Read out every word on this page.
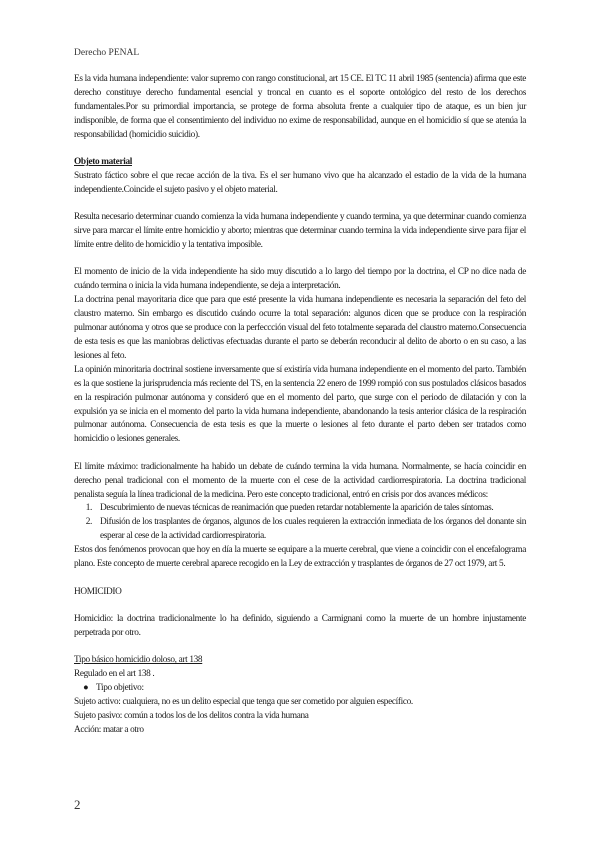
Derecho PENAL

Es la vida humana independiente: valor supremo con rango constitucional, art 15 CE. El TC 11 abril 1985 (sentencia) afirma que este derecho constituye derecho fundamental esencial y troncal en cuanto es el soporte ontológico del resto de los derechos fundamentales.Por su primordial importancia, se protege de forma absoluta frente a cualquier tipo de ataque, es un bien jur indisponible, de forma que el consentimiento del individuo no exime de responsabilidad, aunque en el homicidio sí que se atenúa la responsabilidad (homicidio suicidio).

Objeto material

Sustrato fáctico sobre el que recae acción de la tiva. Es el ser humano vivo que ha alcanzado el estadio de la vida de la humana independiente.Coincide el sujeto pasivo y el objeto material.

Resulta necesario determinar cuando comienza la vida humana independiente y cuando termina, ya que determinar cuando comienza sirve para marcar el límite entre homicidio y aborto; mientras que determinar cuando termina la vida independiente sirve para fijar el límite entre delito de homicidio y la tentativa imposible.

El momento de inicio de la vida independiente ha sido muy discutido a lo largo del tiempo por la doctrina, el CP no dice nada de cuándo termina o inicia la vida humana independiente, se deja a interpretación.

La doctrina penal mayoritaria dice que para que esté presente la vida humana independiente es necesaria la separación del feto del claustro materno. Sin embargo es discutido cuándo ocurre la total separación: algunos dicen que se produce con la respiración pulmonar autónoma y otros que se produce con la perfeccción visual del feto totalmente separada del claustro materno.Consecuencia de esta tesis es que las maniobras delictivas efectuadas durante el parto se deberán reconducir al delito de aborto o en su caso, a las lesiones al feto.

La opinión minoritaria doctrinal sostiene inversamente que sí existiría vida humana independiente en el momento del parto. También es la que sostiene la jurisprudencia más reciente del TS, en la sentencia 22 enero de 1999 rompió con sus postulados clásicos basados en la respiración pulmonar autónoma y consideró que en el momento del parto, que surge con el periodo de dilatación y con la expulsión ya se inicia en el momento del parto la vida humana independiente, abandonando la tesis anterior clásica de la respiración pulmonar autónoma. Consecuencia de esta tesis es que la muerte o lesiones al feto durante el parto deben ser tratados como homicidio o lesiones generales.

El límite máximo: tradicionalmente ha habido un debate de cuándo termina la vida humana. Normalmente, se hacía coincidir en derecho penal tradicional con el momento de la muerte con el cese de la actividad cardiorrespiratoria. La doctrina tradicional penalista seguía la línea tradicional de la medicina. Pero este concepto tradicional, entró en crisis por dos avances médicos:

1. Descubrimiento de nuevas técnicas de reanimación que pueden retardar notablemente la aparición de tales síntomas.
2. Difusión de los trasplantes de órganos, algunos de los cuales requieren la extracción inmediata de los órganos del donante sin esperar al cese de la actividad cardiorrespiratoria.

Estos dos fenómenos provocan que hoy en día la muerte se equipare a la muerte cerebral, que viene a coincidir con el encefalograma plano. Este concepto de muerte cerebral aparece recogido en la Ley de extracción y trasplantes de órganos de 27 oct 1979, art 5.

HOMICIDIO

Homicidio: la doctrina tradicionalmente lo ha definido, siguiendo a Carmignani como la muerte de un hombre injustamente perpetrada por otro.

Tipo básico homicidio doloso, art 138

Regulado en el art 138 .

● Tipo objetivo:

Sujeto activo: cualquiera, no es un delito especial que tenga que ser cometido por alguien específico.

Sujeto pasivo: común a todos los de los delitos contra la vida humana

Acción: matar a otro

2
